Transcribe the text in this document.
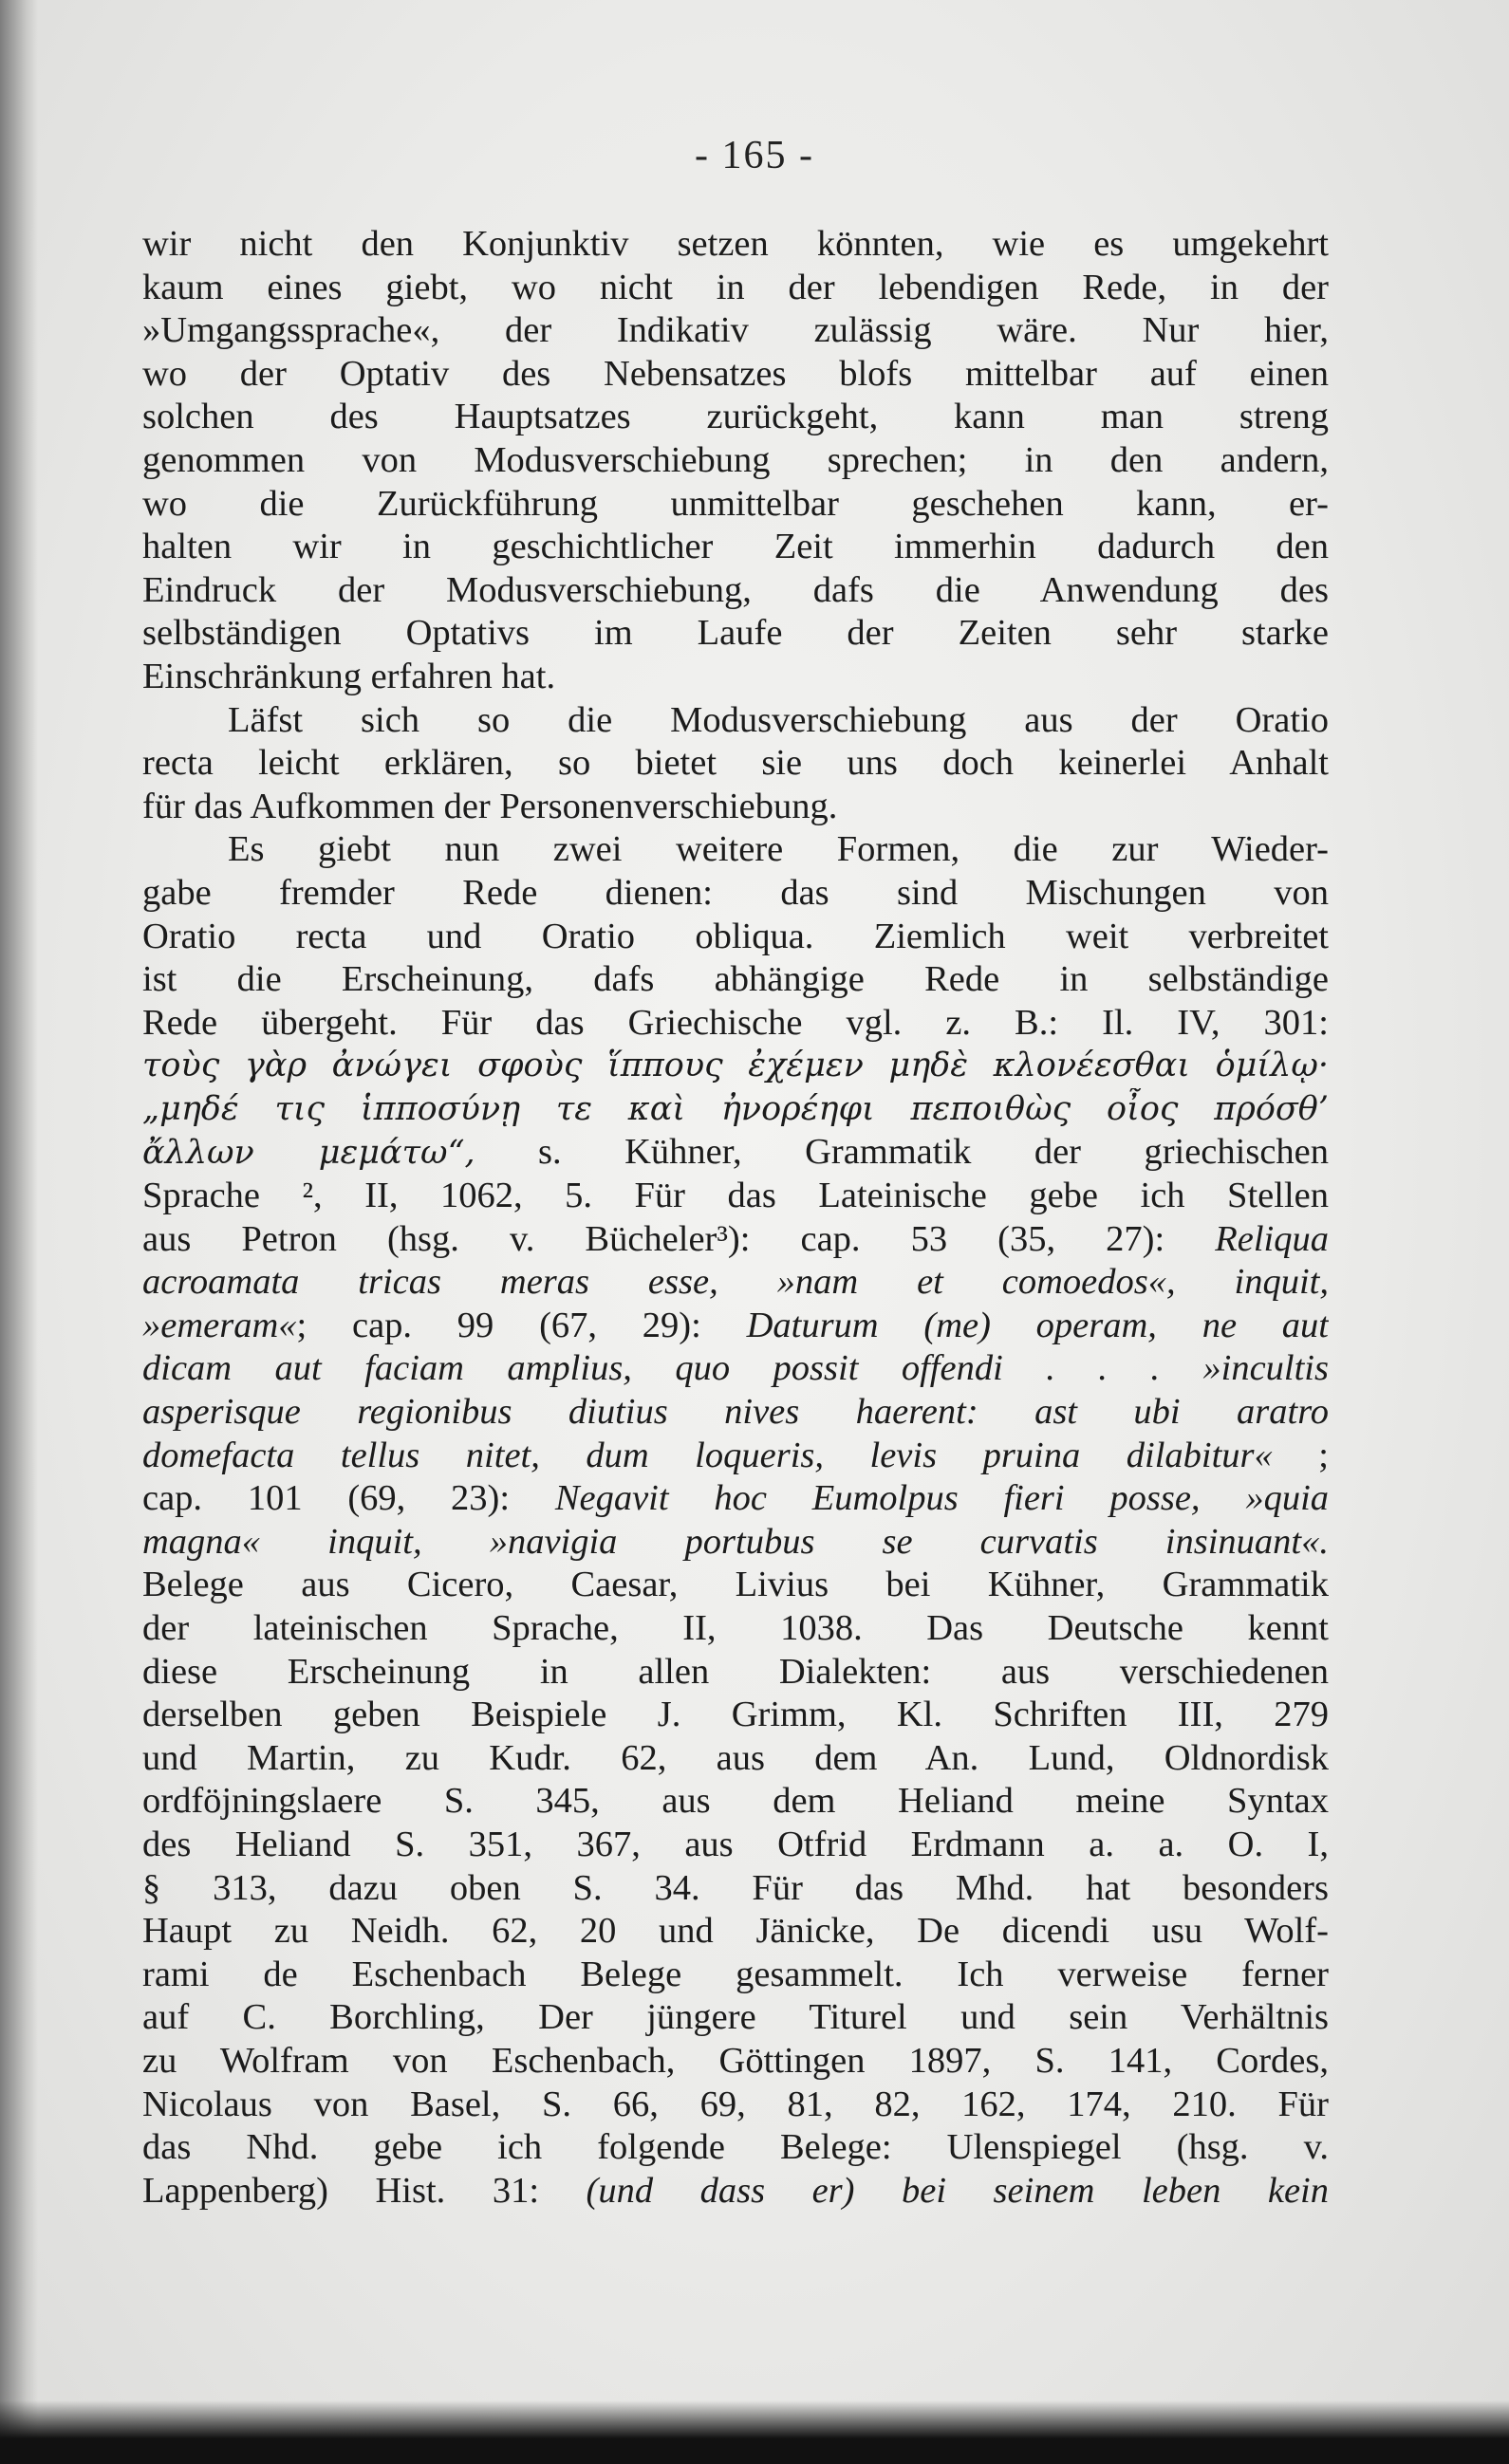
- 165 -
wir nicht den Konjunktiv setzen könnten, wie es umgekehrt
kaum eines giebt, wo nicht in der lebendigen Rede, in der
»Umgangssprache«, der Indikativ zulässig wäre. Nur hier,
wo der Optativ des Nebensatzes blofs mittelbar auf einen
solchen des Hauptsatzes zurückgeht, kann man streng
genommen von Modusverschiebung sprechen; in den andern,
wo die Zurückführung unmittelbar geschehen kann, er-
halten wir in geschichtlicher Zeit immerhin dadurch den
Eindruck der Modusverschiebung, dafs die Anwendung des
selbständigen Optativs im Laufe der Zeiten sehr starke
Einschränkung erfahren hat.
Läfst sich so die Modusverschiebung aus der Oratio
recta leicht erklären, so bietet sie uns doch keinerlei Anhalt
für das Aufkommen der Personenverschiebung.
Es giebt nun zwei weitere Formen, die zur Wieder-
gabe fremder Rede dienen: das sind Mischungen von
Oratio recta und Oratio obliqua. Ziemlich weit verbreitet
ist die Erscheinung, dafs abhängige Rede in selbständige
Rede übergeht. Für das Griechische vgl. z. B.: Il. IV, 301:
τοὺς γὰρ ἀνώγει σφοὺς ἵππους ἐχέμεν μηδὲ κλονέεσθαι ὁμίλῳ·
„μηδέ τις ἱπποσύνῃ τε καὶ ἠνορέηφι πεποιθὼς οἶος πρόσθ’
ἄλλων μεμάτω“, s. Kühner, Grammatik der griechischen
Sprache ², II, 1062, 5. Für das Lateinische gebe ich Stellen
aus Petron (hsg. v. Bücheler³): cap. 53 (35, 27): Reliqua
acroamata tricas meras esse, »nam et comoedos«, inquit,
»emeram«; cap. 99 (67, 29): Daturum (me) operam, ne aut
dicam aut faciam amplius, quo possit offendi . . . »incultis
asperisque regionibus diutius nives haerent: ast ubi aratro
domefacta tellus nitet, dum loqueris, levis pruina dilabitur« ;
cap. 101 (69, 23): Negavit hoc Eumolpus fieri posse, »quia
magna« inquit, »navigia portubus se curvatis insinuant«.
Belege aus Cicero, Caesar, Livius bei Kühner, Grammatik
der lateinischen Sprache, II, 1038. Das Deutsche kennt
diese Erscheinung in allen Dialekten: aus verschiedenen
derselben geben Beispiele J. Grimm, Kl. Schriften III, 279
und Martin, zu Kudr. 62, aus dem An. Lund, Oldnordisk
ordföjningslaere S. 345, aus dem Heliand meine Syntax
des Heliand S. 351, 367, aus Otfrid Erdmann a. a. O. I,
§ 313, dazu oben S. 34. Für das Mhd. hat besonders
Haupt zu Neidh. 62, 20 und Jänicke, De dicendi usu Wolf-
rami de Eschenbach Belege gesammelt. Ich verweise ferner
auf C. Borchling, Der jüngere Titurel und sein Verhältnis
zu Wolfram von Eschenbach, Göttingen 1897, S. 141, Cordes,
Nicolaus von Basel, S. 66, 69, 81, 82, 162, 174, 210. Für
das Nhd. gebe ich folgende Belege: Ulenspiegel (hsg. v.
Lappenberg) Hist. 31: (und dass er) bei seinem leben kein
